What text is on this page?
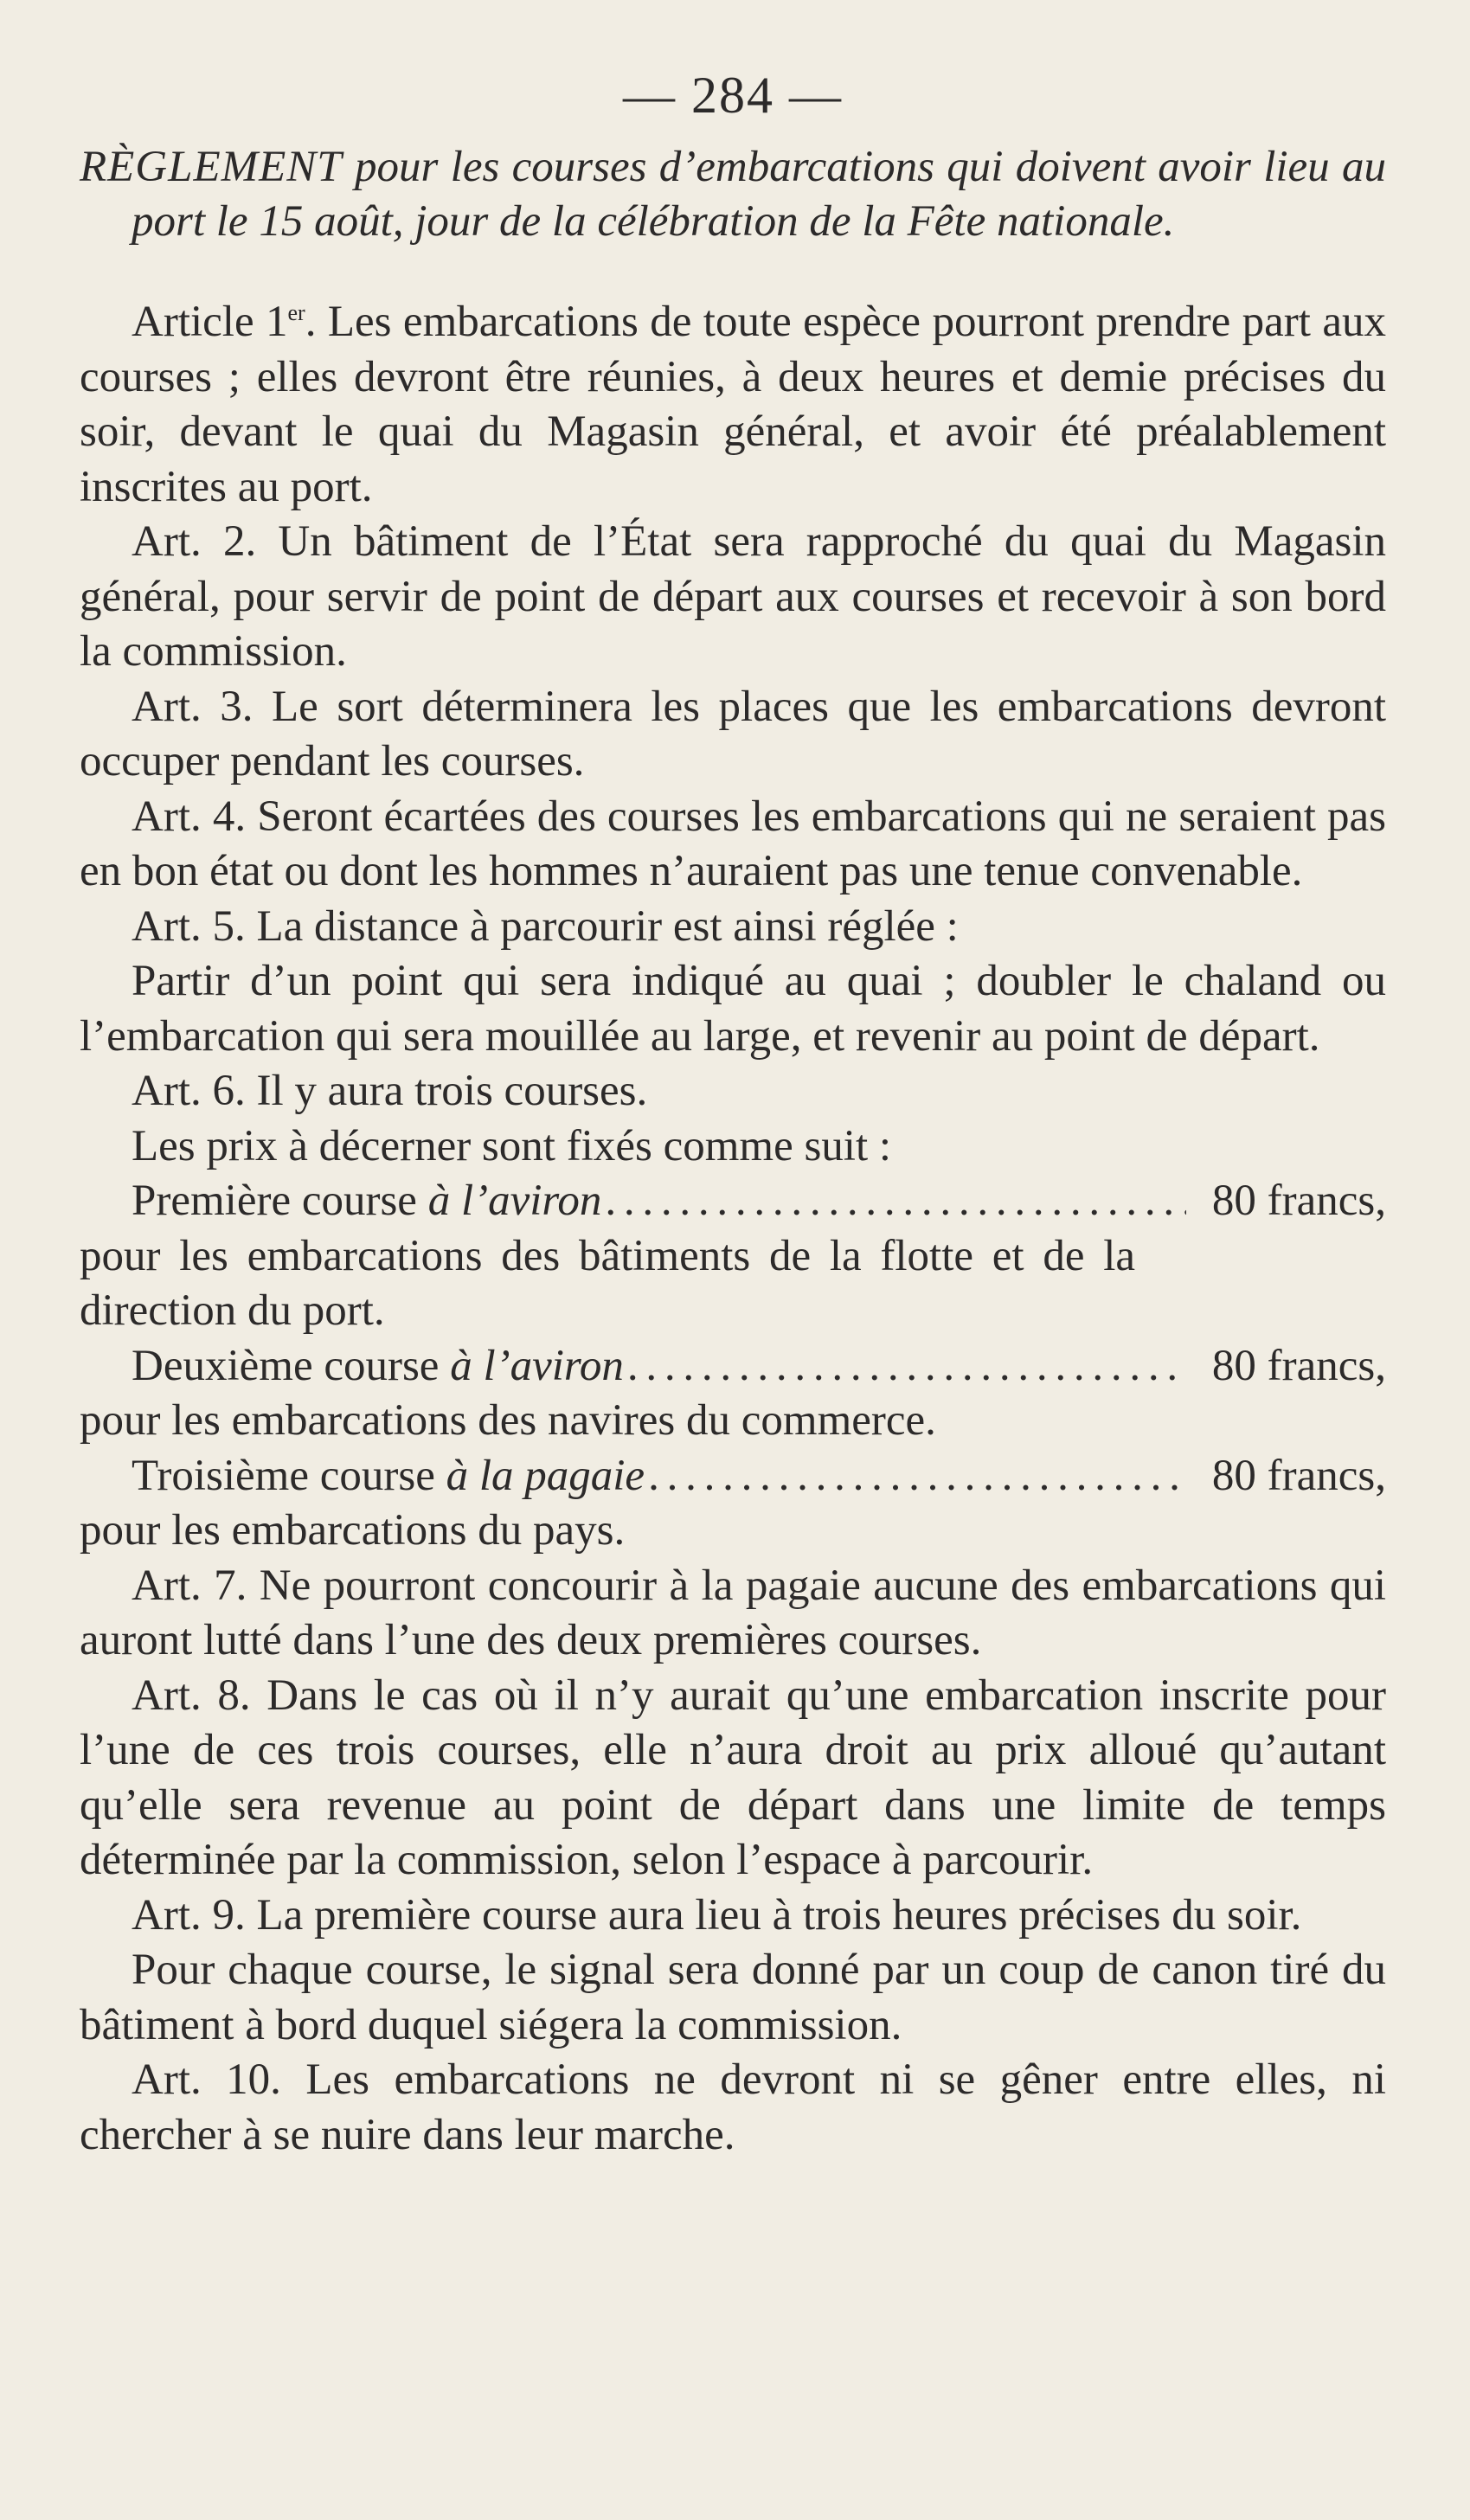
— 284 —

RÈGLEMENT pour les courses d’embarcations qui doivent avoir lieu au port le 15 août, jour de la célébration de la Fête nationale.

Article 1er. Les embarcations de toute espèce pourront prendre part aux courses ; elles devront être réunies, à deux heures et demie précises du soir, devant le quai du Magasin général, et avoir été préalablement inscrites au port.

Art. 2. Un bâtiment de l’État sera rapproché du quai du Magasin général, pour servir de point de départ aux courses et recevoir à son bord la commission.

Art. 3. Le sort déterminera les places que les embarcations devront occuper pendant les courses.

Art. 4. Seront écartées des courses les embarcations qui ne seraient pas en bon état ou dont les hommes n’auraient pas une tenue convenable.

Art. 5. La distance à parcourir est ainsi réglée :

Partir d’un point qui sera indiqué au quai ; doubler le chaland ou l’embarcation qui sera mouillée au large, et revenir au point de départ.

Art. 6. Il y aura trois courses.

Les prix à décerner sont fixés comme suit :

Première course à l’aviron . . .	80 francs,
pour les embarcations des bâtiments de la flotte et de la direction du port.
Deuxième course à l’aviron . . .	80 francs,
pour les embarcations des navires du commerce.
Troisième course à la pagaie . . .	80 francs,
pour les embarcations du pays.

Art. 7. Ne pourront concourir à la pagaie aucune des embarcations qui auront lutté dans l’une des deux premières courses.

Art. 8. Dans le cas où il n’y aurait qu’une embarcation inscrite pour l’une de ces trois courses, elle n’aura droit au prix alloué qu’autant qu’elle sera revenue au point de départ dans une limite de temps déterminée par la commission, selon l’espace à parcourir.

Art. 9. La première course aura lieu à trois heures précises du soir.

Pour chaque course, le signal sera donné par un coup de canon tiré du bâtiment à bord duquel siégera la commission.

Art. 10. Les embarcations ne devront ni se gêner entre elles, ni chercher à se nuire dans leur marche.
